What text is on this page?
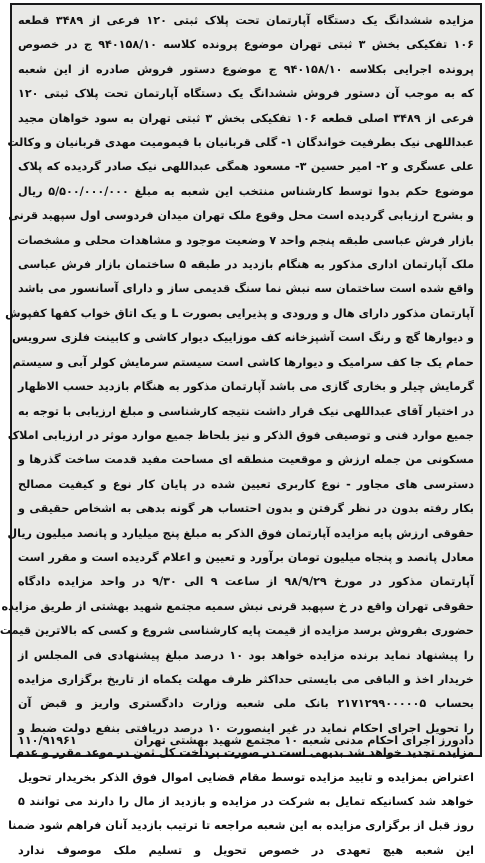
مزایده ششدانگ یک دستگاه آپارتمان تحت پلاک ثبتی ۱۲۰ فرعی از ۳۴۸۹ قطعه
۱۰۶ تفکیکی بخش ۳ ثبتی تهران موضوع پرونده کلاسه ۹۴۰۱۵۸/۱۰ ج در خصوص
پرونده اجرایی بکلاسه ۹۴۰۱۵۸/۱۰ ج موضوع دستور فروش صادره از این شعبه
که به موجب آن دستور فروش ششدانگ یک دستگاه آپارتمان تحت پلاک ثبتی ۱۲۰
فرعی از ۳۴۸۹ اصلی قطعه ۱۰۶ تفکیکی بخش ۳ ثبتی تهران به سود خواهان مجید
عبداللهی نیک بطرفیت خواندگان ۱- گلی قربانیان با قیمومیت مهدی قربانیان و وکالت
علی عسگری و ۲- امیر حسین ۳- مسعود همگی عبداللهی نیک صادر گردیده که پلاک
موضوع حکم بدوا توسط کارشناس منتخب این شعبه به مبلغ ۵/۵۰۰/۰۰۰/۰۰۰ ریال
و بشرح ارزیابی گردیده است محل وقوع ملک تهران میدان فردوسی اول سپهبد قرنی
بازار فرش عباسی طبقه پنجم واحد ۷ وضعیت موجود و مشاهدات محلی و مشخصات
ملک آپارتمان اداری مذکور به هنگام بازدید در طبقه ۵ ساختمان بازار فرش عباسی
واقع شده است ساختمان سه نبش نما سنگ قدیمی ساز و دارای آسانسور می باشد
آپارتمان مذکور دارای هال و ورودی و پذیرایی بصورت L و یک اتاق خواب کفها کفپوش
و دیوارها گچ و رنگ است آشپزخانه کف موزاییک دیوار کاشی و کابینت فلزی سرویس
حمام یک جا کف سرامیک و دیوارها کاشی است سیستم سرمایش کولر آبی و سیستم
گرمایش چیلر و بخاری گازی می باشد آپارتمان مذکور به هنگام بازدید حسب الاظهار
در اختیار آقای عبداللهی نیک قرار داشت نتیجه کارشناسی و مبلغ ارزیابی با توجه به
جمیع موارد فنی و توصیفی فوق الذکر و نیز بلحاظ جمیع موارد موثر در ارزیابی املاک
مسکونی من جمله ارزش و موقعیت منطقه ای مساحت مفید قدمت ساخت گذرها و
دسترسی های مجاور - نوع کاربری تعیین شده در پایان کار نوع و کیفیت مصالح
بکار رفته بدون در نظر گرفتن و بدون احتساب هر گونه بدهی به اشخاص حقیقی و
حقوقی ارزش پایه مزایده آپارتمان فوق الذکر به مبلغ پنج میلیارد و پانصد میلیون ریال
معادل پانصد و پنجاه میلیون تومان برآورد و تعیین و اعلام گردیده است و مقرر است
آپارتمان مذکور در مورخ ۹۸/۹/۲۹ از ساعت ۹ الی ۹/۳۰ در واحد مزایده دادگاه
حقوقی تهران واقع در خ سپهبد قرنی نبش سمیه مجتمع شهید بهشتی از طریق مزایده
حضوری بفروش برسد مزایده از قیمت پایه کارشناسی شروع و کسی که بالاترین قیمت
را پیشنهاد نماید برنده مزایده خواهد بود ۱۰ درصد مبلغ پیشنهادی فی المجلس از
خریدار اخذ و الباقی می بایستی حداکثر ظرف مهلت یکماه از تاریخ برگزاری مزایده
بحساب ۲۱۷۱۲۹۹۰۰۰۰۰۵ بانک ملی شعبه وزارت دادگستری واریز و قبض آن
را تحویل اجرای احکام نماید در غیر اینصورت ۱۰ درصد دریافتی بنفع دولت ضبط و
مزایده تجدید خواهد شد بدیهی است در صورت پرداخت کل ثمن در موعد مقرر و عدم
اعتراض بمزایده و تایید مزایده توسط مقام قضایی اموال فوق الذکر بخریدار تحویل
خواهد شد کسانیکه تمایل به شرکت در مزایده و بازدید از مال را دارند می توانند ۵
روز قبل از برگزاری مزایده به این شعبه مراجعه تا ترتیب بازدید آنان فراهم شود ضمنا
این شعبه هیچ تعهدی در خصوص تحویل و تسلیم ملک موصوف ندارد
دادورز اجرای احکام مدنی شعبه ۱۰ مجتمع شهید بهشتی تهران
۱۱۰/۹۱۹۶۱
